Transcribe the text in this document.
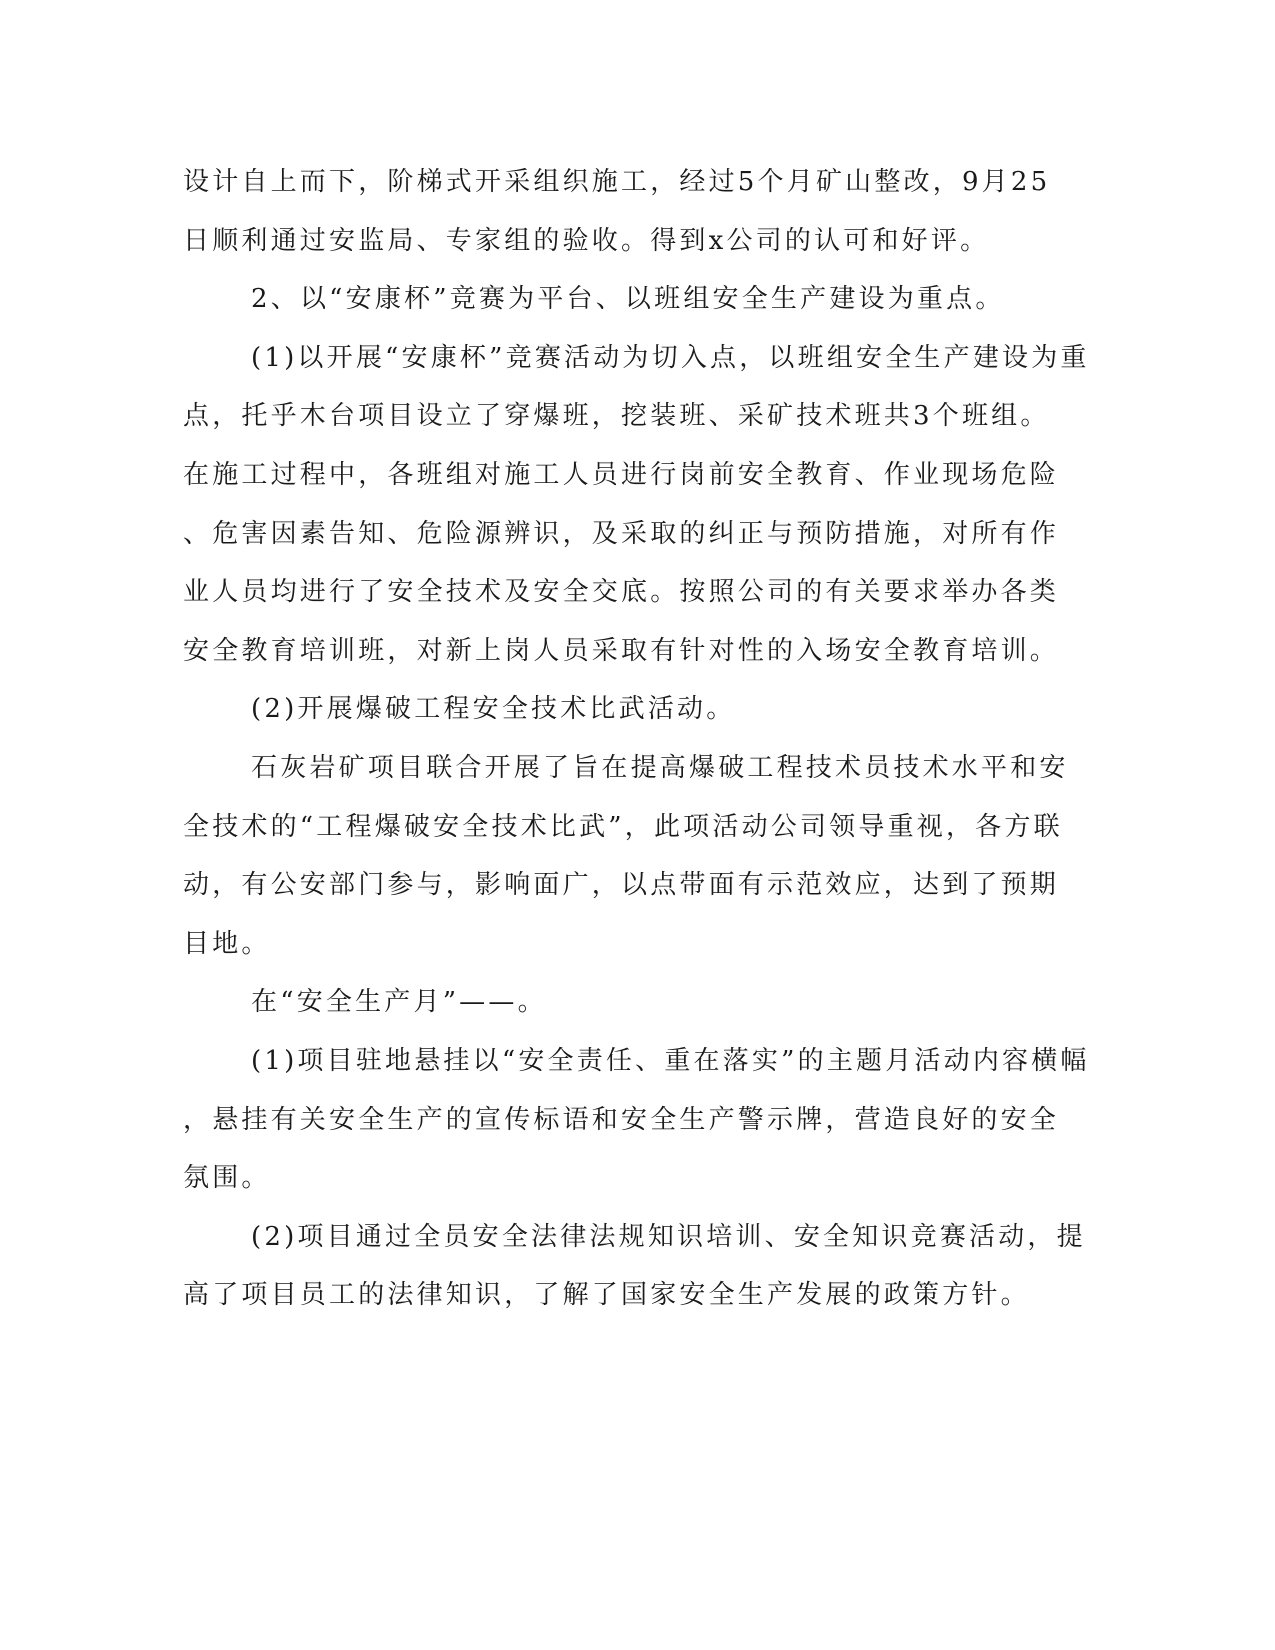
设计自上而下，阶梯式开采组织施工，经过5个月矿山整改，9月25
日顺利通过安监局、专家组的验收。得到x公司的认可和好评。
2、以“安康杯”竞赛为平台、以班组安全生产建设为重点。
(1)以开展“安康杯”竞赛活动为切入点，以班组安全生产建设为重
点，托乎木台项目设立了穿爆班，挖装班、采矿技术班共3个班组。
在施工过程中，各班组对施工人员进行岗前安全教育、作业现场危险
、危害因素告知、危险源辨识，及采取的纠正与预防措施，对所有作
业人员均进行了安全技术及安全交底。按照公司的有关要求举办各类
安全教育培训班，对新上岗人员采取有针对性的入场安全教育培训。
(2)开展爆破工程安全技术比武活动。
石灰岩矿项目联合开展了旨在提高爆破工程技术员技术水平和安
全技术的“工程爆破安全技术比武”，此项活动公司领导重视，各方联
动，有公安部门参与，影响面广，以点带面有示范效应，达到了预期
目地。
在“安全生产月”——。
(1)项目驻地悬挂以“安全责任、重在落实”的主题月活动内容横幅
，悬挂有关安全生产的宣传标语和安全生产警示牌，营造良好的安全
氛围。
(2)项目通过全员安全法律法规知识培训、安全知识竞赛活动，提
高了项目员工的法律知识，了解了国家安全生产发展的政策方针。
